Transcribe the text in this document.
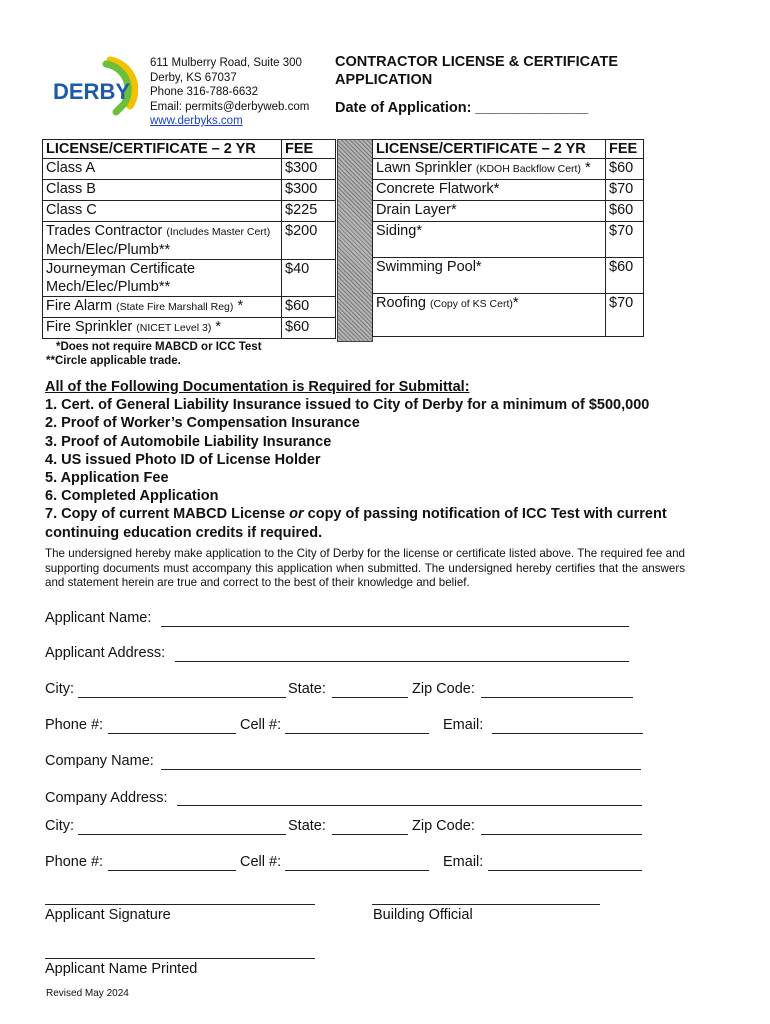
DERBY
611 Mulberry Road, Suite 300
Derby, KS 67037
Phone 316-788-6632
Email: permits@derbyweb.com
www.derbyks.com
CONTRACTOR LICENSE & CERTIFICATE APPLICATION
Date of Application: ______________
LICENSE/CERTIFICATE – 2 YR	FEE
Class A	$300
Class B	$300
Class C	$225
Trades Contractor (Includes Master Cert) Mech/Elec/Plumb**	$200
Journeyman Certificate
Mech/Elec/Plumb**	$40
Fire Alarm (State Fire Marshall Reg) *	$60
Fire Sprinkler (NICET Level 3) *	$60
LICENSE/CERTIFICATE – 2 YR	FEE
Lawn Sprinkler (KDOH Backflow Cert) *	$60
Concrete Flatwork*	$70
Drain Layer*	$60
Siding*	$70
Swimming Pool*	$60
Roofing (Copy of KS Cert)*	$70
*Does not require MABCD or ICC Test
**Circle applicable trade.
All of the Following Documentation is Required for Submittal:
1. Cert. of General Liability Insurance issued to City of Derby for a minimum of $500,000
2. Proof of Worker’s Compensation Insurance
3. Proof of Automobile Liability Insurance
4. US issued Photo ID of License Holder
5. Application Fee
6. Completed Application
7. Copy of current MABCD License or copy of passing notification of ICC Test with current continuing education credits if required.
The undersigned hereby make application to the City of Derby for the license or certificate listed above. The required fee and supporting documents must accompany this application when submitted. The undersigned hereby certifies that the answers and statement herein are true and correct to the best of their knowledge and belief.
Applicant Name:
Applicant Address:
City:	State:	Zip Code:
Phone #:	Cell #:	Email:
Company Name:
Company Address:
City:	State:	Zip Code:
Phone #:	Cell #:	Email:
Applicant Signature	Building Official
Applicant Name Printed
Revised May 2024
